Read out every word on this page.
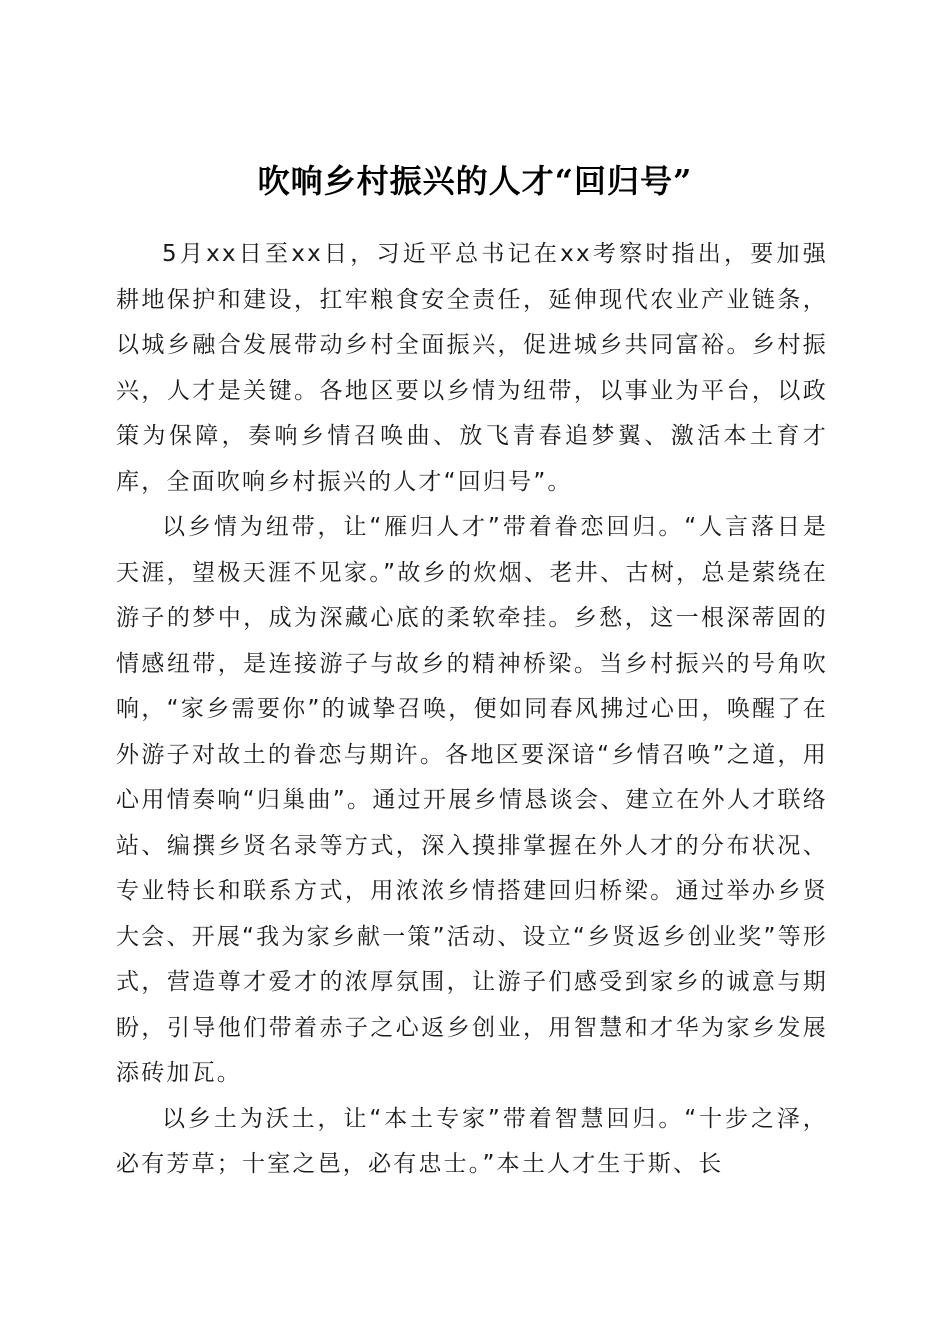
吹响乡村振兴的人才“回归号”

5月xx日至xx日，习近平总书记在xx考察时指出，要加强耕地保护和建设，扛牢粮食安全责任，延伸现代农业产业链条，以城乡融合发展带动乡村全面振兴，促进城乡共同富裕。乡村振兴，人才是关键。各地区要以乡情为纽带，以事业为平台，以政策为保障，奏响乡情召唤曲、放飞青春追梦翼、激活本土育才库，全面吹响乡村振兴的人才“回归号”。

以乡情为纽带，让“雁归人才”带着眷恋回归。“人言落日是天涯，望极天涯不见家。”故乡的炊烟、老井、古树，总是萦绕在游子的梦中，成为深藏心底的柔软牵挂。乡愁，这一根深蒂固的情感纽带，是连接游子与故乡的精神桥梁。当乡村振兴的号角吹响，“家乡需要你”的诚挚召唤，便如同春风拂过心田，唤醒了在外游子对故土的眷恋与期许。各地区要深谙“乡情召唤”之道，用心用情奏响“归巢曲”。通过开展乡情恳谈会、建立在外人才联络站、编撰乡贤名录等方式，深入摸排掌握在外人才的分布状况、专业特长和联系方式，用浓浓乡情搭建回归桥梁。通过举办乡贤大会、开展“我为家乡献一策”活动、设立“乡贤返乡创业奖”等形式，营造尊才爱才的浓厚氛围，让游子们感受到家乡的诚意与期盼，引导他们带着赤子之心返乡创业，用智慧和才华为家乡发展添砖加瓦。

以乡土为沃土，让“本土专家”带着智慧回归。“十步之泽，必有芳草；十室之邑，必有忠士。”本土人才生于斯、长
